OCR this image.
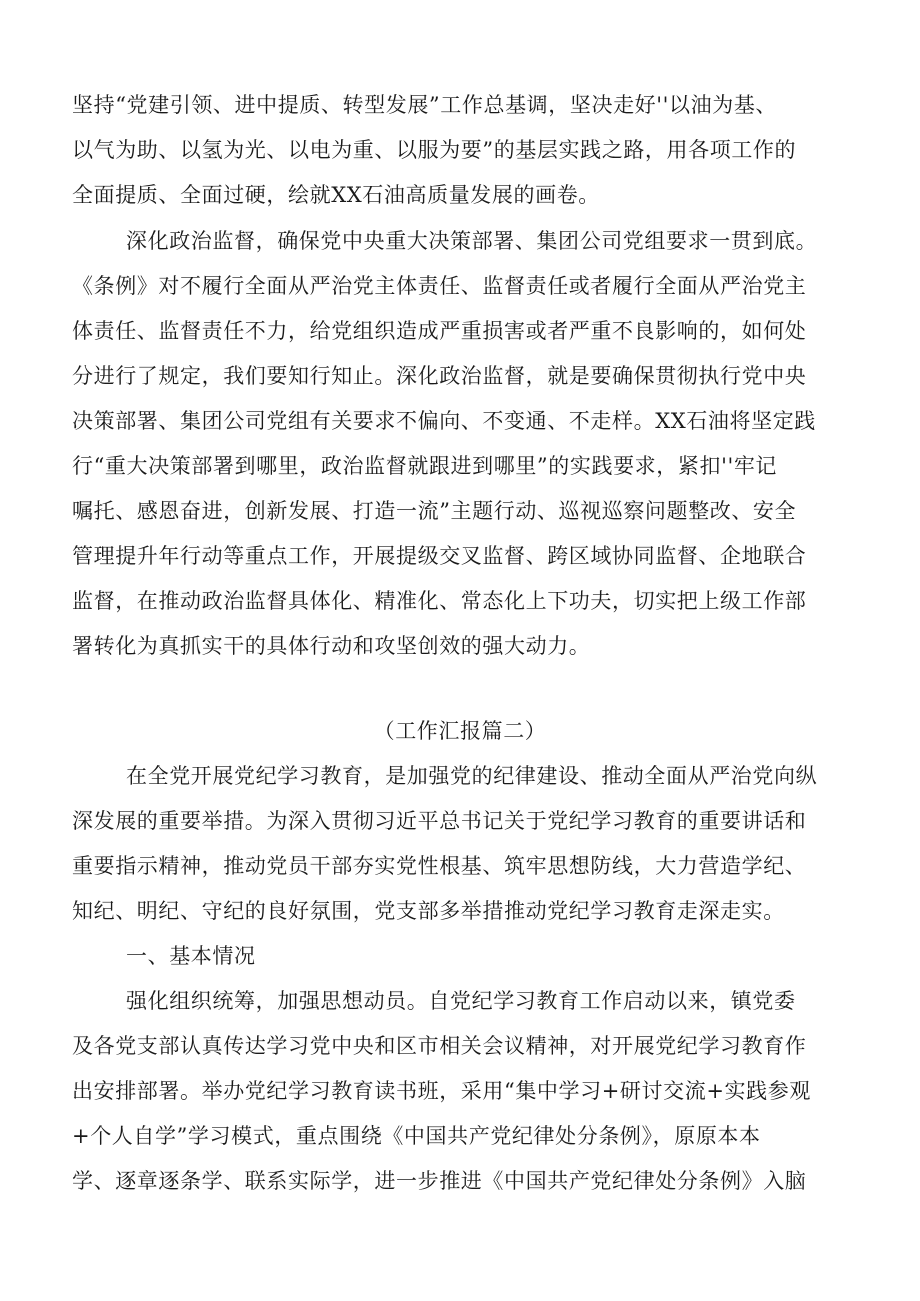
坚持“党建引领、进中提质、转型发展”工作总基调，坚决走好''以油为基、
以气为助、以氢为光、以电为重、以服为要”的基层实践之路，用各项工作的
全面提质、全面过硬，绘就XX石油高质量发展的画卷。
深化政治监督，确保党中央重大决策部署、集团公司党组要求一贯到底。
《条例》对不履行全面从严治党主体责任、监督责任或者履行全面从严治党主
体责任、监督责任不力，给党组织造成严重损害或者严重不良影响的，如何处
分进行了规定，我们要知行知止。深化政治监督，就是要确保贯彻执行党中央
决策部署、集团公司党组有关要求不偏向、不变通、不走样。XX石油将坚定践
行“重大决策部署到哪里，政治监督就跟进到哪里”的实践要求，紧扣''牢记
嘱托、感恩奋进，创新发展、打造一流”主题行动、巡视巡察问题整改、安全
管理提升年行动等重点工作，开展提级交叉监督、跨区域协同监督、企地联合
监督，在推动政治监督具体化、精准化、常态化上下功夫，切实把上级工作部
署转化为真抓实干的具体行动和攻坚创效的强大动力。
（工作汇报篇二）
在全党开展党纪学习教育，是加强党的纪律建设、推动全面从严治党向纵
深发展的重要举措。为深入贯彻习近平总书记关于党纪学习教育的重要讲话和
重要指示精神，推动党员干部夯实党性根基、筑牢思想防线，大力营造学纪、
知纪、明纪、守纪的良好氛围，党支部多举措推动党纪学习教育走深走实。
一、基本情况
强化组织统筹，加强思想动员。自党纪学习教育工作启动以来，镇党委
及各党支部认真传达学习党中央和区市相关会议精神，对开展党纪学习教育作
出安排部署。举办党纪学习教育读书班，采用“集中学习+研讨交流+实践参观
+个人自学”学习模式，重点围绕《中国共产党纪律处分条例》，原原本本
学、逐章逐条学、联系实际学，进一步推进《中国共产党纪律处分条例》入脑
